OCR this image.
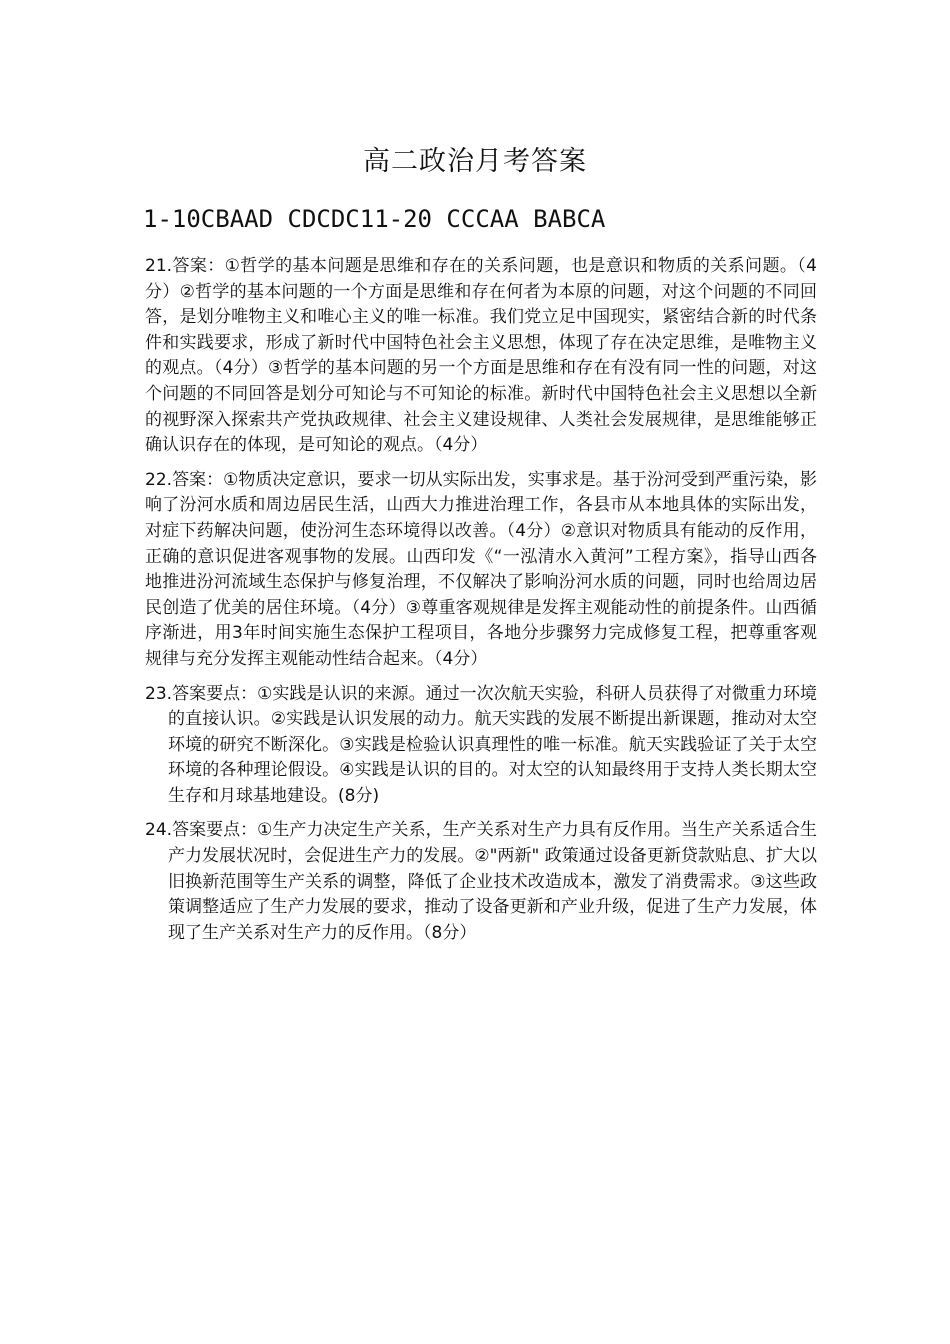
高二政治月考答案
1-10CBAAD CDCDC11-20 CCCAA BABCA

21.答案：①哲学的基本问题是思维和存在的关系问题，也是意识和物质的关系问题。（4分）②哲学的基本问题的一个方面是思维和存在何者为本原的问题，对这个问题的不同回答，是划分唯物主义和唯心主义的唯一标准。我们党立足中国现实，紧密结合新的时代条件和实践要求，形成了新时代中国特色社会主义思想，体现了存在决定思维，是唯物主义的观点。（4分）③哲学的基本问题的另一个方面是思维和存在有没有同一性的问题，对这个问题的不同回答是划分可知论与不可知论的标准。新时代中国特色社会主义思想以全新的视野深入探索共产党执政规律、社会主义建设规律、人类社会发展规律，是思维能够正确认识存在的体现，是可知论的观点。（4分）

22.答案：①物质决定意识，要求一切从实际出发，实事求是。基于汾河受到严重污染，影响了汾河水质和周边居民生活，山西大力推进治理工作，各县市从本地具体的实际出发，对症下药解决问题，使汾河生态环境得以改善。（4分）②意识对物质具有能动的反作用，正确的意识促进客观事物的发展。山西印发《“一泓清水入黄河”工程方案》，指导山西各地推进汾河流域生态保护与修复治理，不仅解决了影响汾河水质的问题，同时也给周边居民创造了优美的居住环境。（4分）③尊重客观规律是发挥主观能动性的前提条件。山西循序渐进，用3年时间实施生态保护工程项目，各地分步骤努力完成修复工程，把尊重客观规律与充分发挥主观能动性结合起来。（4分）

23.答案要点：①实践是认识的来源。通过一次次航天实验，科研人员获得了对微重力环境的直接认识。②实践是认识发展的动力。航天实践的发展不断提出新课题，推动对太空环境的研究不断深化。③实践是检验认识真理性的唯一标准。航天实践验证了关于太空环境的各种理论假设。④实践是认识的目的。对太空的认知最终用于支持人类长期太空生存和月球基地建设。(8分)

24.答案要点：①生产力决定生产关系，生产关系对生产力具有反作用。当生产关系适合生产力发展状况时，会促进生产力的发展。②"两新" 政策通过设备更新贷款贴息、扩大以旧换新范围等生产关系的调整，降低了企业技术改造成本，激发了消费需求。③这些政策调整适应了生产力发展的要求，推动了设备更新和产业升级，促进了生产力发展，体现了生产关系对生产力的反作用。（8分）
